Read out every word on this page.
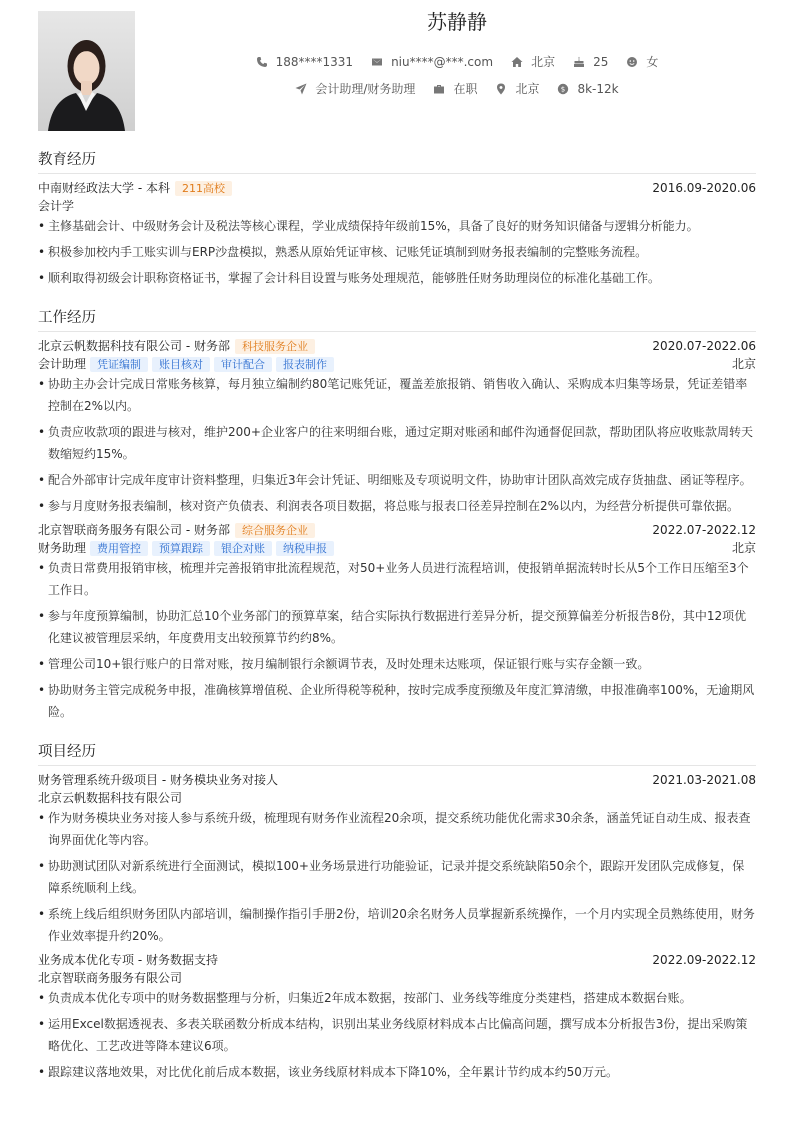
苏静静
188****1331	niu****@***.com	北京	25	女
会计助理/财务助理	在职	北京	$ 8k-12k
教育经历
中南财经政法大学 - 本科	211高校	2016.09-2020.06
会计学
• 主修基础会计、中级财务会计及税法等核心课程，学业成绩保持年级前15%，具备了良好的财务知识储备与逻辑分析能力。
• 积极参加校内手工账实训与ERP沙盘模拟，熟悉从原始凭证审核、记账凭证填制到财务报表编制的完整账务流程。
• 顺利取得初级会计职称资格证书，掌握了会计科目设置与账务处理规范，能够胜任财务助理岗位的标准化基础工作。
工作经历
北京云帆数据科技有限公司 - 财务部	科技服务企业	2020.07-2022.06
会计助理	凭证编制	账目核对	审计配合	报表制作	北京
• 协助主办会计完成日常账务核算，每月独立编制约80笔记账凭证，覆盖差旅报销、销售收入确认、采购成本归集等场景，凭证差错率控制在2%以内。
• 负责应收款项的跟进与核对，维护200+企业客户的往来明细台账，通过定期对账函和邮件沟通督促回款，帮助团队将应收账款周转天数缩短约15%。
• 配合外部审计完成年度审计资料整理，归集近3年会计凭证、明细账及专项说明文件，协助审计团队高效完成存货抽盘、函证等程序。
• 参与月度财务报表编制，核对资产负债表、利润表各项目数据，将总账与报表口径差异控制在2%以内，为经营分析提供可靠依据。
北京智联商务服务有限公司 - 财务部	综合服务企业	2022.07-2022.12
财务助理	费用管控	预算跟踪	银企对账	纳税申报	北京
• 负责日常费用报销审核，梳理并完善报销审批流程规范，对50+业务人员进行流程培训，使报销单据流转时长从5个工作日压缩至3个工作日。
• 参与年度预算编制，协助汇总10个业务部门的预算草案，结合实际执行数据进行差异分析，提交预算偏差分析报告8份，其中12项优化建议被管理层采纳，年度费用支出较预算节约约8%。
• 管理公司10+银行账户的日常对账，按月编制银行余额调节表，及时处理未达账项，保证银行账与实存金额一致。
• 协助财务主管完成税务申报，准确核算增值税、企业所得税等税种，按时完成季度预缴及年度汇算清缴，申报准确率100%，无逾期风险。
项目经历
财务管理系统升级项目 - 财务模块业务对接人	2021.03-2021.08
北京云帆数据科技有限公司
• 作为财务模块业务对接人参与系统升级，梳理现有财务作业流程20余项，提交系统功能优化需求30余条，涵盖凭证自动生成、报表查询界面优化等内容。
• 协助测试团队对新系统进行全面测试，模拟100+业务场景进行功能验证，记录并提交系统缺陷50余个，跟踪开发团队完成修复，保障系统顺利上线。
• 系统上线后组织财务团队内部培训，编制操作指引手册2份，培训20余名财务人员掌握新系统操作，一个月内实现全员熟练使用，财务作业效率提升约20%。
业务成本优化专项 - 财务数据支持	2022.09-2022.12
北京智联商务服务有限公司
• 负责成本优化专项中的财务数据整理与分析，归集近2年成本数据，按部门、业务线等维度分类建档，搭建成本数据台账。
• 运用Excel数据透视表、多表关联函数分析成本结构，识别出某业务线原材料成本占比偏高问题，撰写成本分析报告3份，提出采购策略优化、工艺改进等降本建议6项。
• 跟踪建议落地效果，对比优化前后成本数据，该业务线原材料成本下降10%，全年累计节约成本约50万元。
